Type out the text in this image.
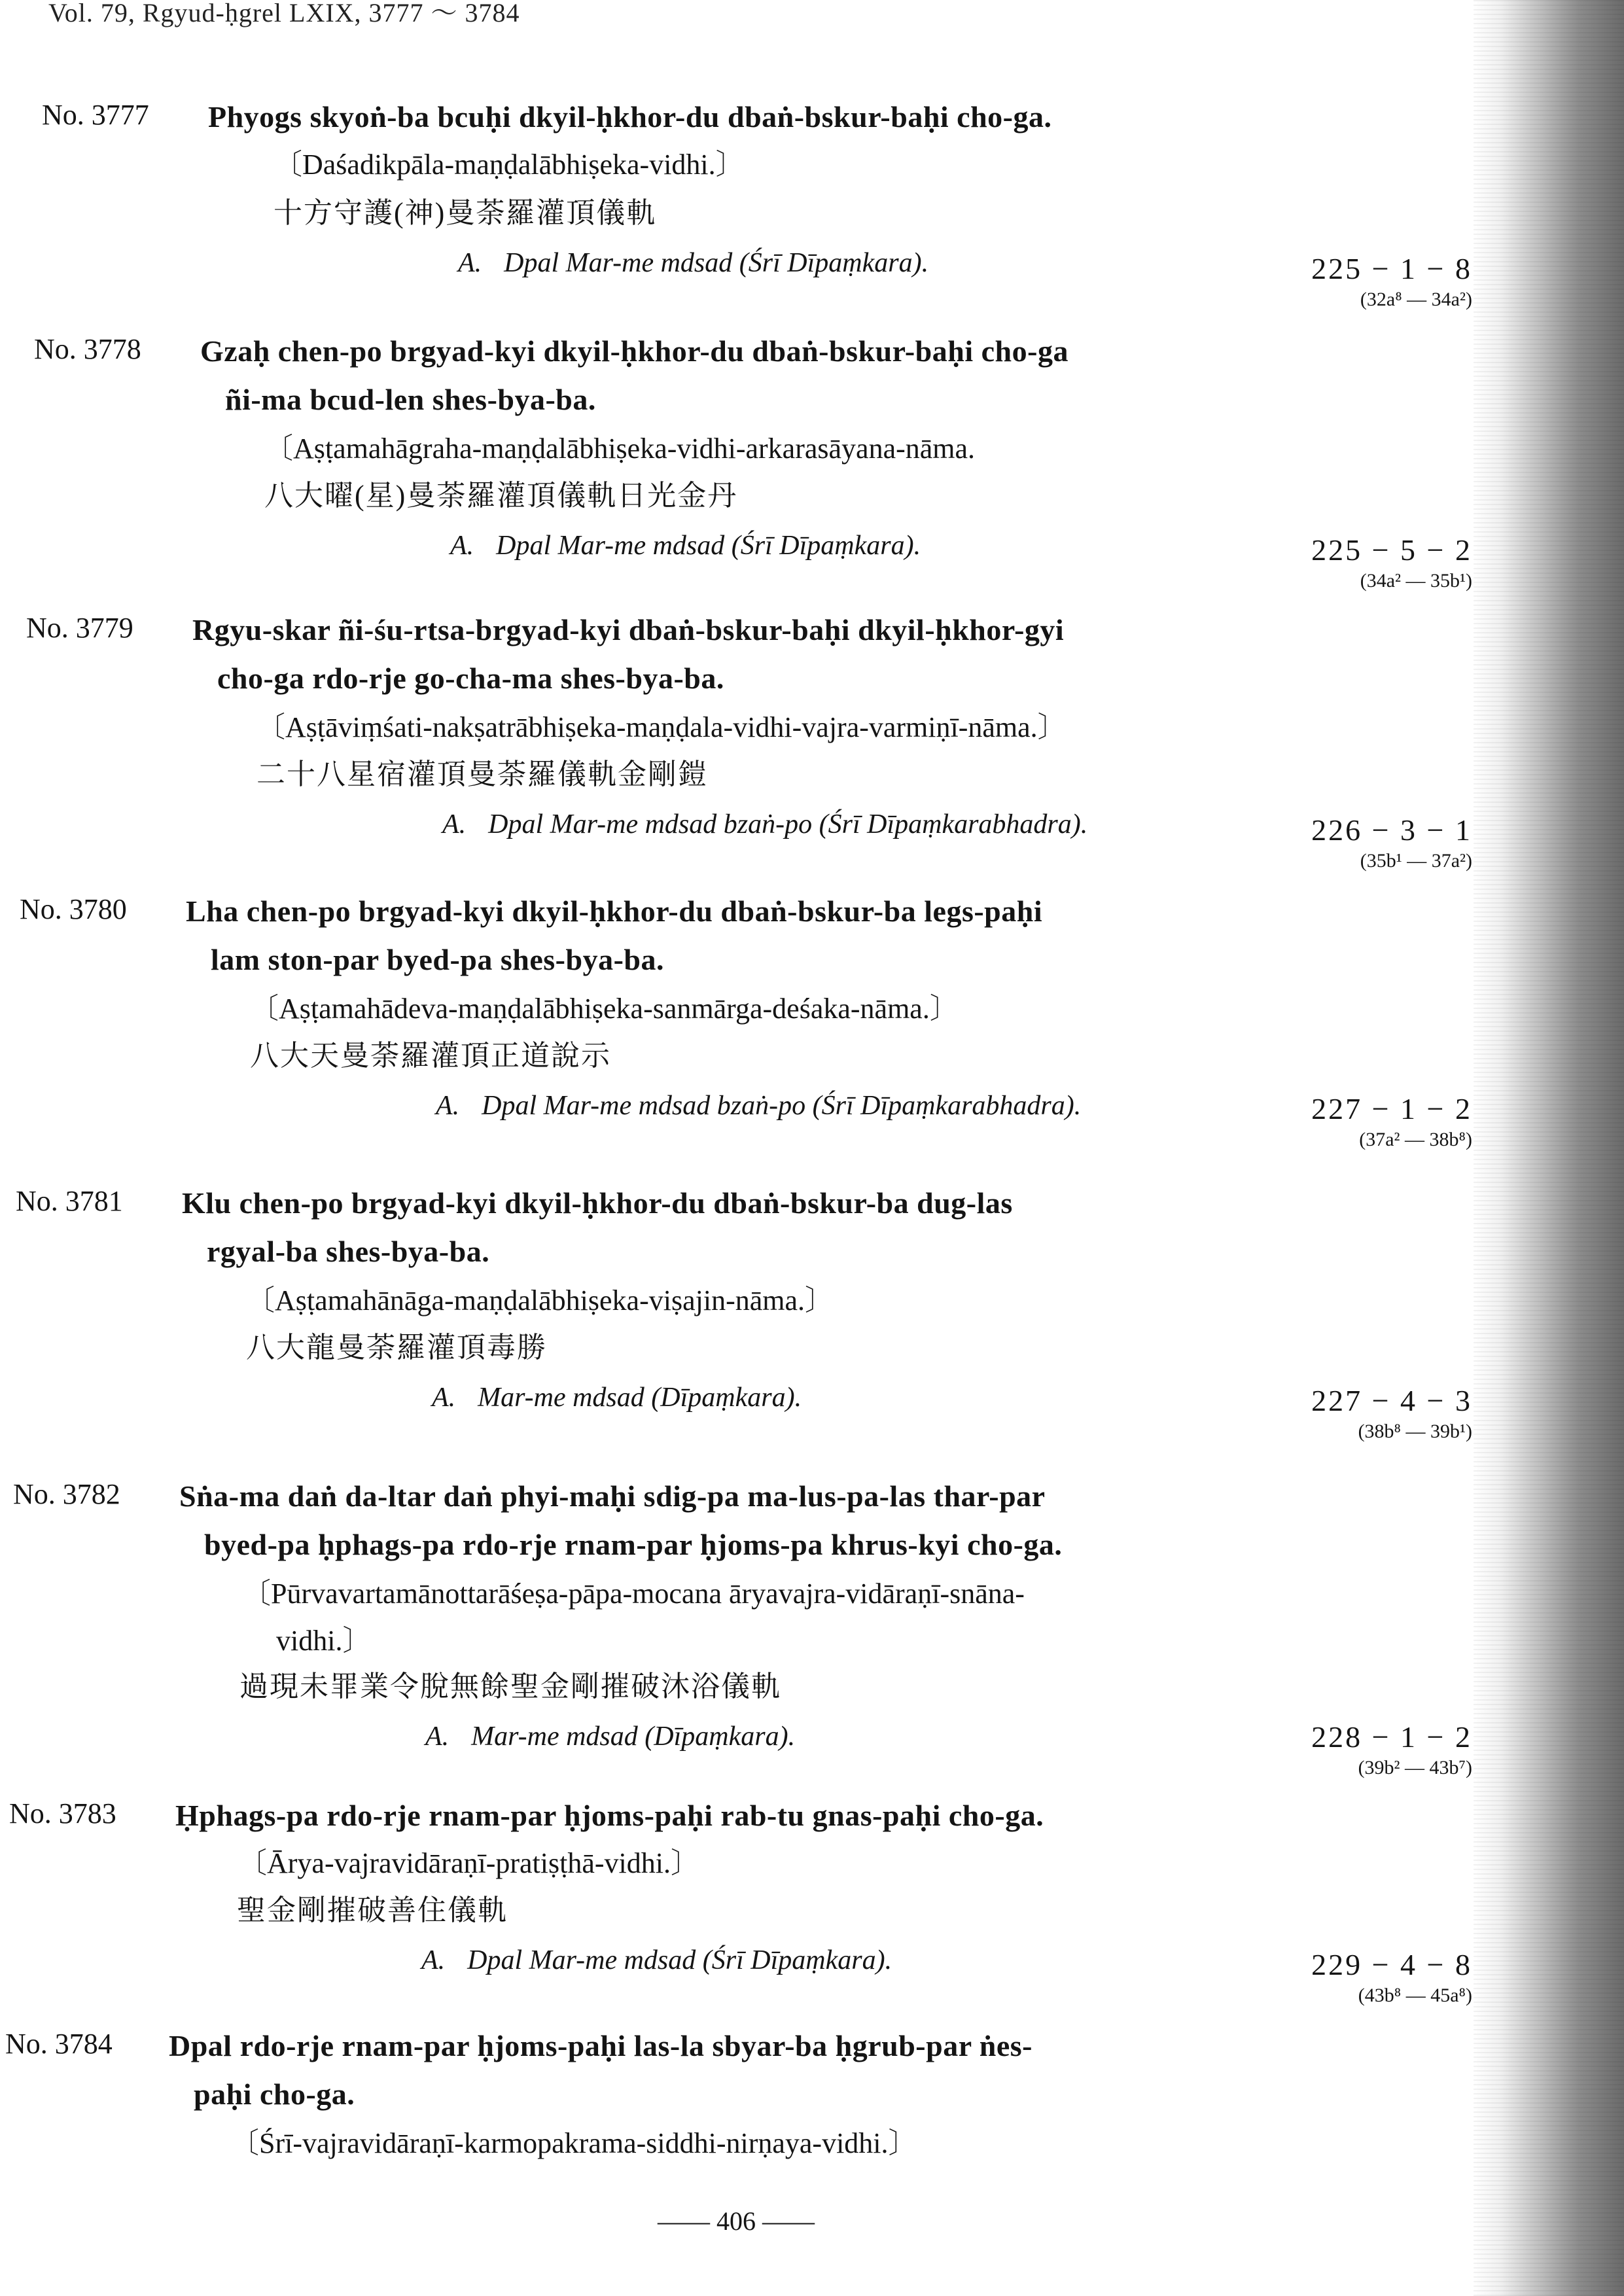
Vol. 79, Rgyud-ḥgrel LXIX, 3777 ～ 3784
No. 3777 Phyogs skyoṅ-ba bcuḥi dkyil-ḥkhor-du dbaṅ-bskur-baḥi cho-ga.
〔Daśadikpāla-maṇḍalābhiṣeka-vidhi.〕
十方守護(神)曼荼羅灌頂儀軌
A. Dpal Mar-me mdsad (Śrī Dīpaṃkara).	225 − 1 − 8
(32a⁸ — 34a²)
No. 3778 Gzaḥ chen-po brgyad-kyi dkyil-ḥkhor-du dbaṅ-bskur-baḥi cho-ga
ñi-ma bcud-len shes-bya-ba.
〔Aṣṭamahāgraha-maṇḍalābhiṣeka-vidhi-arkarasāyana-nāma.
八大曜(星)曼荼羅灌頂儀軌日光金丹
A. Dpal Mar-me mdsad (Śrī Dīpaṃkara).	225 − 5 − 2
(34a² — 35b¹)
No. 3779 Rgyu-skar ñi-śu-rtsa-brgyad-kyi dbaṅ-bskur-baḥi dkyil-ḥkhor-gyi
cho-ga rdo-rje go-cha-ma shes-bya-ba.
〔Aṣṭāviṃśati-nakṣatrābhiṣeka-maṇḍala-vidhi-vajra-varmiṇī-nāma.〕
二十八星宿灌頂曼荼羅儀軌金剛鎧
A. Dpal Mar-me mdsad bzaṅ-po (Śrī Dīpaṃkarabhadra).	226 − 3 − 1
(35b¹ — 37a²)
No. 3780 Lha chen-po brgyad-kyi dkyil-ḥkhor-du dbaṅ-bskur-ba legs-paḥi
lam ston-par byed-pa shes-bya-ba.
〔Aṣṭamahādeva-maṇḍalābhiṣeka-sanmārga-deśaka-nāma.〕
八大天曼荼羅灌頂正道說示
A. Dpal Mar-me mdsad bzaṅ-po (Śrī Dīpaṃkarabhadra).	227 − 1 − 2
(37a² — 38b⁸)
No. 3781 Klu chen-po brgyad-kyi dkyil-ḥkhor-du dbaṅ-bskur-ba dug-las
rgyal-ba shes-bya-ba.
〔Aṣṭamahānāga-maṇḍalābhiṣeka-viṣajin-nāma.〕
八大龍曼荼羅灌頂毒勝
A. Mar-me mdsad (Dīpaṃkara).	227 − 4 − 3
(38b⁸ — 39b¹)
No. 3782 Sṅa-ma daṅ da-ltar daṅ phyi-maḥi sdig-pa ma-lus-pa-las thar-par
byed-pa ḥphags-pa rdo-rje rnam-par ḥjoms-pa khrus-kyi cho-ga.
〔Pūrvavartamānottarāśeṣa-pāpa-mocana āryavajra-vidāraṇī-snāna-
vidhi.〕
過現未罪業令脫無餘聖金剛摧破沐浴儀軌
A. Mar-me mdsad (Dīpaṃkara).	228 − 1 − 2
(39b² — 43b⁷)
No. 3783 Ḥphags-pa rdo-rje rnam-par ḥjoms-paḥi rab-tu gnas-paḥi cho-ga.
〔Ārya-vajravidāraṇī-pratiṣṭhā-vidhi.〕
聖金剛摧破善住儀軌
A. Dpal Mar-me mdsad (Śrī Dīpaṃkara).	229 − 4 − 8
(43b⁸ — 45a⁸)
No. 3784 Dpal rdo-rje rnam-par ḥjoms-paḥi las-la sbyar-ba ḥgrub-par ṅes-
paḥi cho-ga.
〔Śrī-vajravidāraṇī-karmopakrama-siddhi-nirṇaya-vidhi.〕
—— 406 ——
